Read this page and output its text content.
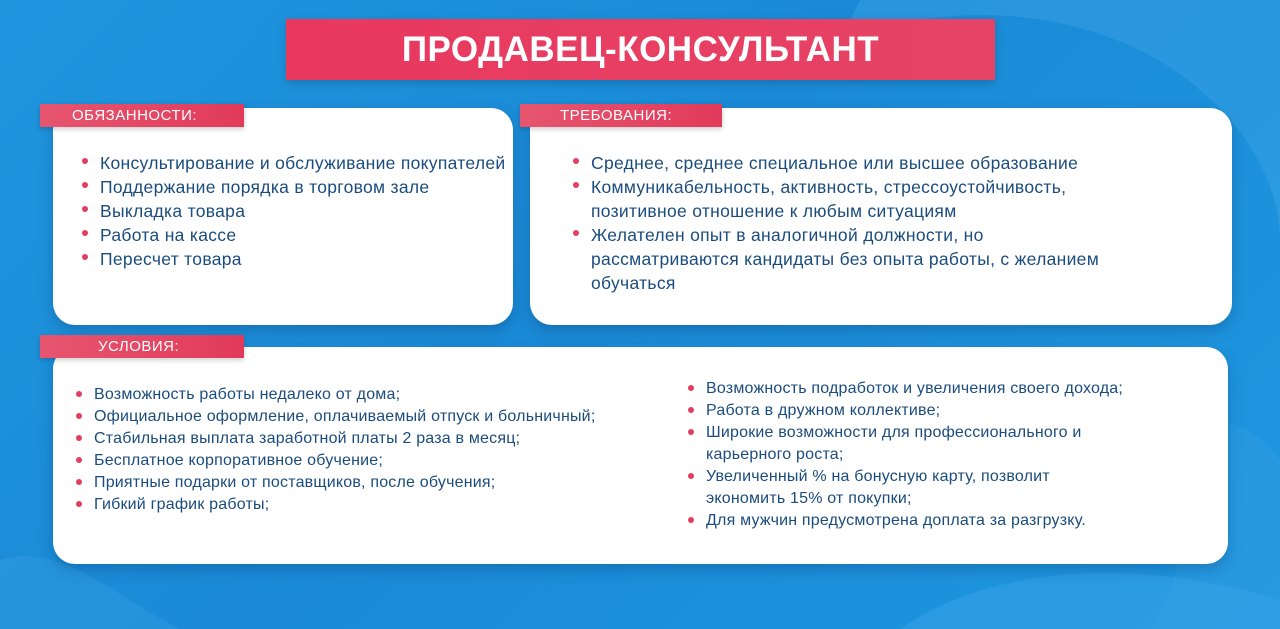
ПРОДАВЕЦ-КОНСУЛЬТАНТ
ОБЯЗАННОСТИ:	ТРЕБОВАНИЯ:
УСЛОВИЯ:
Консультирование и обслуживание покупателей
Поддержание порядка в торговом зале
Выкладка товара
Работа на кассе
Пересчет товара
Среднее, среднее специальное или высшее образование
Коммуникабельность, активность, стрессоустойчивость, позитивное отношение к любым ситуациям
Желателен опыт в аналогичной должности, но рассматриваются кандидаты без опыта работы, с желанием обучаться
Возможность работы недалеко от дома;
Официальное оформление, оплачиваемый отпуск и больничный;
Стабильная выплата заработной платы 2 раза в месяц;
Бесплатное корпоративное обучение;
Приятные подарки от поставщиков, после обучения;
Гибкий график работы;
Возможность подработок и увеличения своего дохода;
Работа в дружном коллективе;
Широкие возможности для профессионального и карьерного роста;
Увеличенный % на бонусную карту, позволит экономить 15% от покупки;
Для мужчин предусмотрена доплата за разгрузку.
